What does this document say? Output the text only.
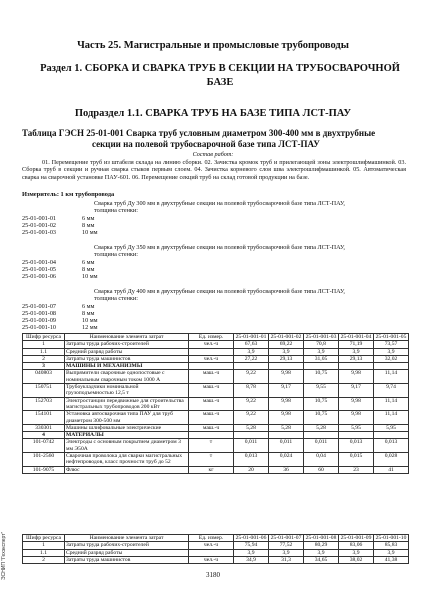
Часть 25. Магистральные и промысловые трубопроводы
Раздел 1. СБОРКА И СВАРКА ТРУБ В СЕКЦИИ НА ТРУБОСВАРОЧНОЙ БАЗЕ
Подраздел 1.1. СВАРКА ТРУБ НА БАЗЕ ТИПА ЛСТ-ПАУ
Таблица ГЭСН 25-01-001 Сварка труб условным диаметром 300-400 мм в двухтрубные
секции на полевой трубосварочной базе типа ЛСТ-ПАУ
Состав работ:

01. Перемещение труб из штабеля склада на линию сборки. 02. Зачистка кромок труб и прилегающей зоны электрошлифмашинкой. 03. Сборка труб в секции и ручная сварка стыков первым слоем. 04. Зачистка корневого слоя шва электрошлифмашинкой. 05. Автоматическая сварка на сварочной установке ПАУ-601. 06. Перемещение секций труб на склад готовой продукции на базе.

Измеритель: 1 км трубопровода
Сварка труб Ду 300 мм в двухтрубные секции на полевой трубосварочной базе типа ЛСТ-ПАУ,
толщина стенки:
25-01-001-01	6 мм
25-01-001-02	8 мм
25-01-001-03	10 мм
Сварка труб Ду 350 мм в двухтрубные секции на полевой трубосварочной базе типа ЛСТ-ПАУ,
толщина стенки:
25-01-001-04	6 мм
25-01-001-05	8 мм
25-01-001-06	10 мм
Сварка труб Ду 400 мм в двухтрубные секции на полевой трубосварочной базе типа ЛСТ-ПАУ,
толщина стенки:
25-01-001-07	6 мм
25-01-001-08	8 мм
25-01-001-09	10 мм
25-01-001-10	12 мм
Шифр ресурса	Наименование элемента затрат	Ед. измер.	25-01-001-01	25-01-001-02	25-01-001-03	25-01-001-04	25-01-001-05
1	Затраты труда рабочих-строителей	чел.-ч	67,63	69,22	70,8	71,19	73,57
1.1	Средний разряд работы		3,9	3,9	3,9	3,9	3,9
2	Затраты труда машинистов	чел.-ч	27,22	29,13	31,05	29,13	32,02
3	МАШИНЫ И МЕХАНИЗМЫ						
040803	Выпрямители сварочные однопостовые с номинальным сварочным током 1000 А	маш.-ч	9,22	9,98	10,75	9,98	11,14
150751	Трубоукладчики номинальной грузоподъемностью 12,5 т	маш.-ч	8,78	9,17	9,55	9,17	9,74
152703	Электростанции передвижные для строительства магистральных трубопроводов 200 кВт	маш.-ч	9,22	9,98	10,75	9,98	11,14
154101	Установка автосварочная типа ПАУ для труб диаметром 300-500 мм	маш.-ч	9,22	9,98	10,75	9,98	11,14
330301	Машины шлифовальные электрические	маш.-ч	5,28	5,28	5,28	5,95	5,95
4	МАТЕРИАЛЫ						
101-0742	Электроды с основным покрытием диаметром 3 мм Э50А	т	0,011	0,011	0,011	0,013	0,013
101-2560	Сварочная проволока для сварки магистральных нефтепроводов, класс прочности труб до 52	т	0,013	0,024	0,04	0,015	0,028
101-9075	Флюс	кг	20	36	60	23	41
Шифр ресурса	Наименование элемента затрат	Ед. измер.	25-01-001-06	25-01-001-07	25-01-001-08	25-01-001-09	25-01-001-10
1	Затраты труда рабочих-строителей	чел.-ч	75,94	77,52	80,29	83,06	85,83
1.1	Средний разряд работы		3,9	3,9	3,9	3,9	3,9
2	Затраты труда машинистов	чел.-ч	34,9	31,3	34,65	38,02	41,38
ЭСНИП "Гехэксперт"	3180
